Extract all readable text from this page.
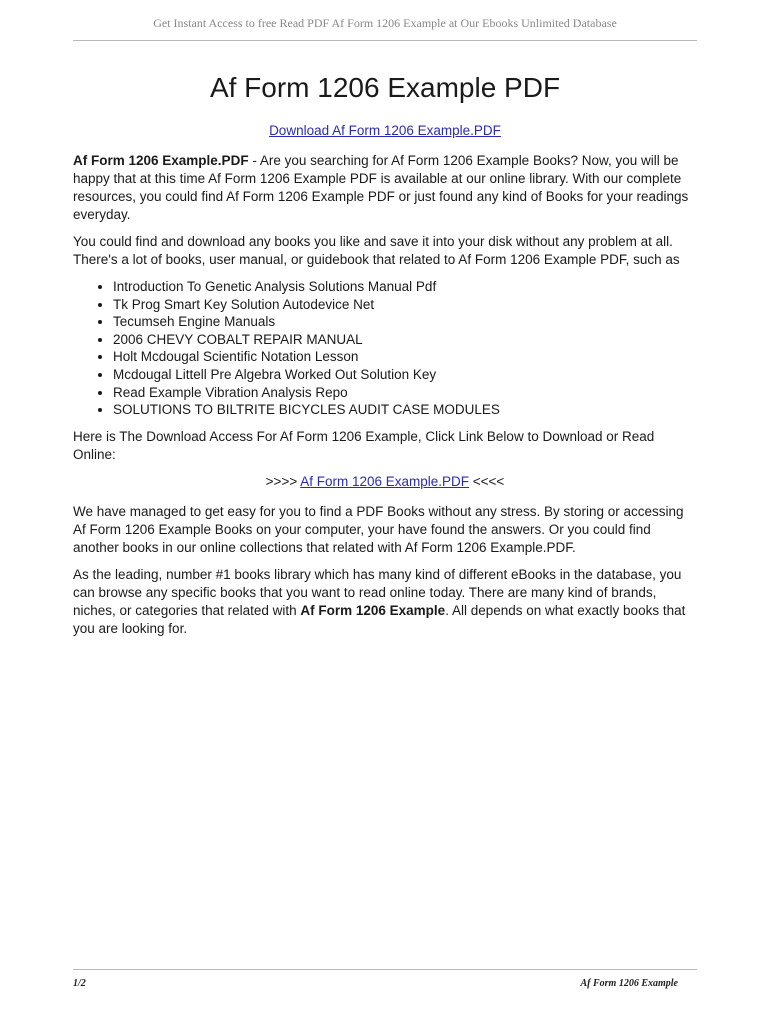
Get Instant Access to free Read PDF Af Form 1206 Example at Our Ebooks Unlimited Database
Af Form 1206 Example PDF
Download Af Form 1206 Example.PDF

Af Form 1206 Example.PDF - Are you searching for Af Form 1206 Example Books? Now, you will be happy that at this time Af Form 1206 Example PDF is available at our online library. With our complete resources, you could find Af Form 1206 Example PDF or just found any kind of Books for your readings everyday.

You could find and download any books you like and save it into your disk without any problem at all. There's a lot of books, user manual, or guidebook that related to Af Form 1206 Example PDF, such as

• Introduction To Genetic Analysis Solutions Manual Pdf
• Tk Prog Smart Key Solution Autodevice Net
• Tecumseh Engine Manuals
• 2006 CHEVY COBALT REPAIR MANUAL
• Holt Mcdougal Scientific Notation Lesson
• Mcdougal Littell Pre Algebra Worked Out Solution Key
• Read Example Vibration Analysis Repo
• SOLUTIONS TO BILTRITE BICYCLES AUDIT CASE MODULES

Here is The Download Access For Af Form 1206 Example, Click Link Below to Download or Read Online:

>>>> Af Form 1206 Example.PDF <<<<

We have managed to get easy for you to find a PDF Books without any stress. By storing or accessing Af Form 1206 Example Books on your computer, your have found the answers. Or you could find another books in our online collections that related with Af Form 1206 Example.PDF.

As the leading, number #1 books library which has many kind of different eBooks in the database, you can browse any specific books that you want to read online today. There are many kind of brands, niches, or categories that related with Af Form 1206 Example. All depends on what exactly books that you are looking for.

1/2	Af Form 1206 Example
